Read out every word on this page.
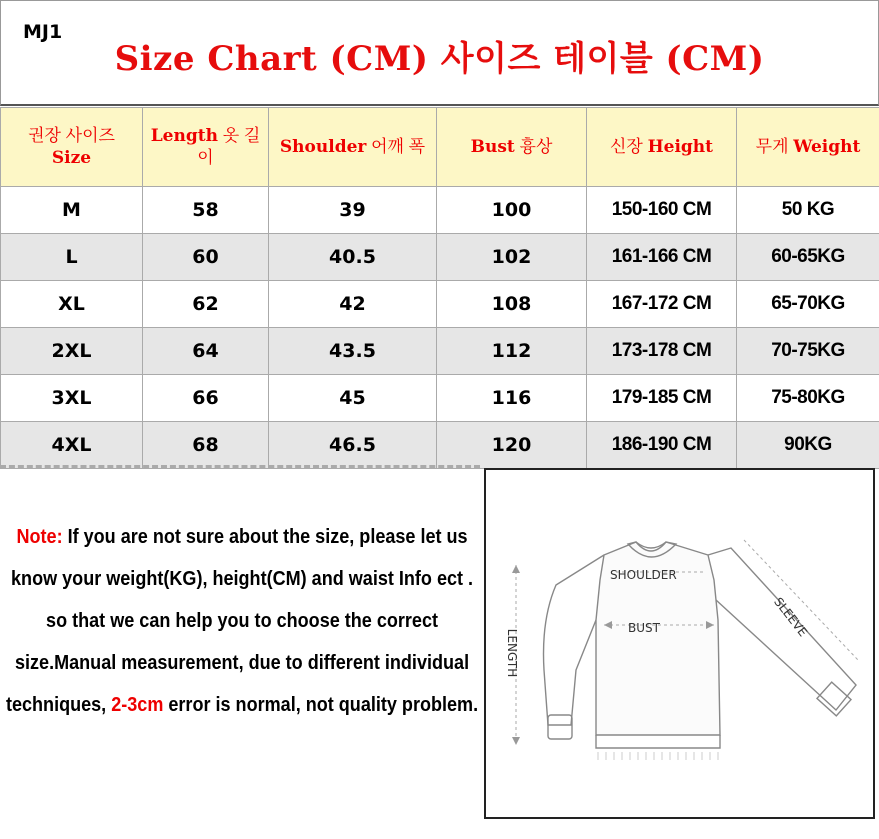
MJ1
Size Chart (CM) 사이즈 테이블 (CM)
권장 사이즈
Size	Length 옷 길이	Shoulder 어깨 폭	Bust 흉상	신장 Height	무게 Weight
M	58	39	100	150-160 CM	50 KG
L	60	40.5	102	161-166 CM	60-65KG
XL	62	42	108	167-172 CM	65-70KG
2XL	64	43.5	112	173-178 CM	70-75KG
3XL	66	45	116	179-185 CM	75-80KG
4XL	68	46.5	120	186-190 CM	90KG
Note: If you are not sure about the size, please let us
know your weight(KG), height(CM) and waist Info ect .
so that we can help you to choose the correct
size.Manual measurement, due to different individual
techniques, 2-3cm error is normal, not quality problem.
SHOULDER
BUST
LENGTH
SLEEVE
